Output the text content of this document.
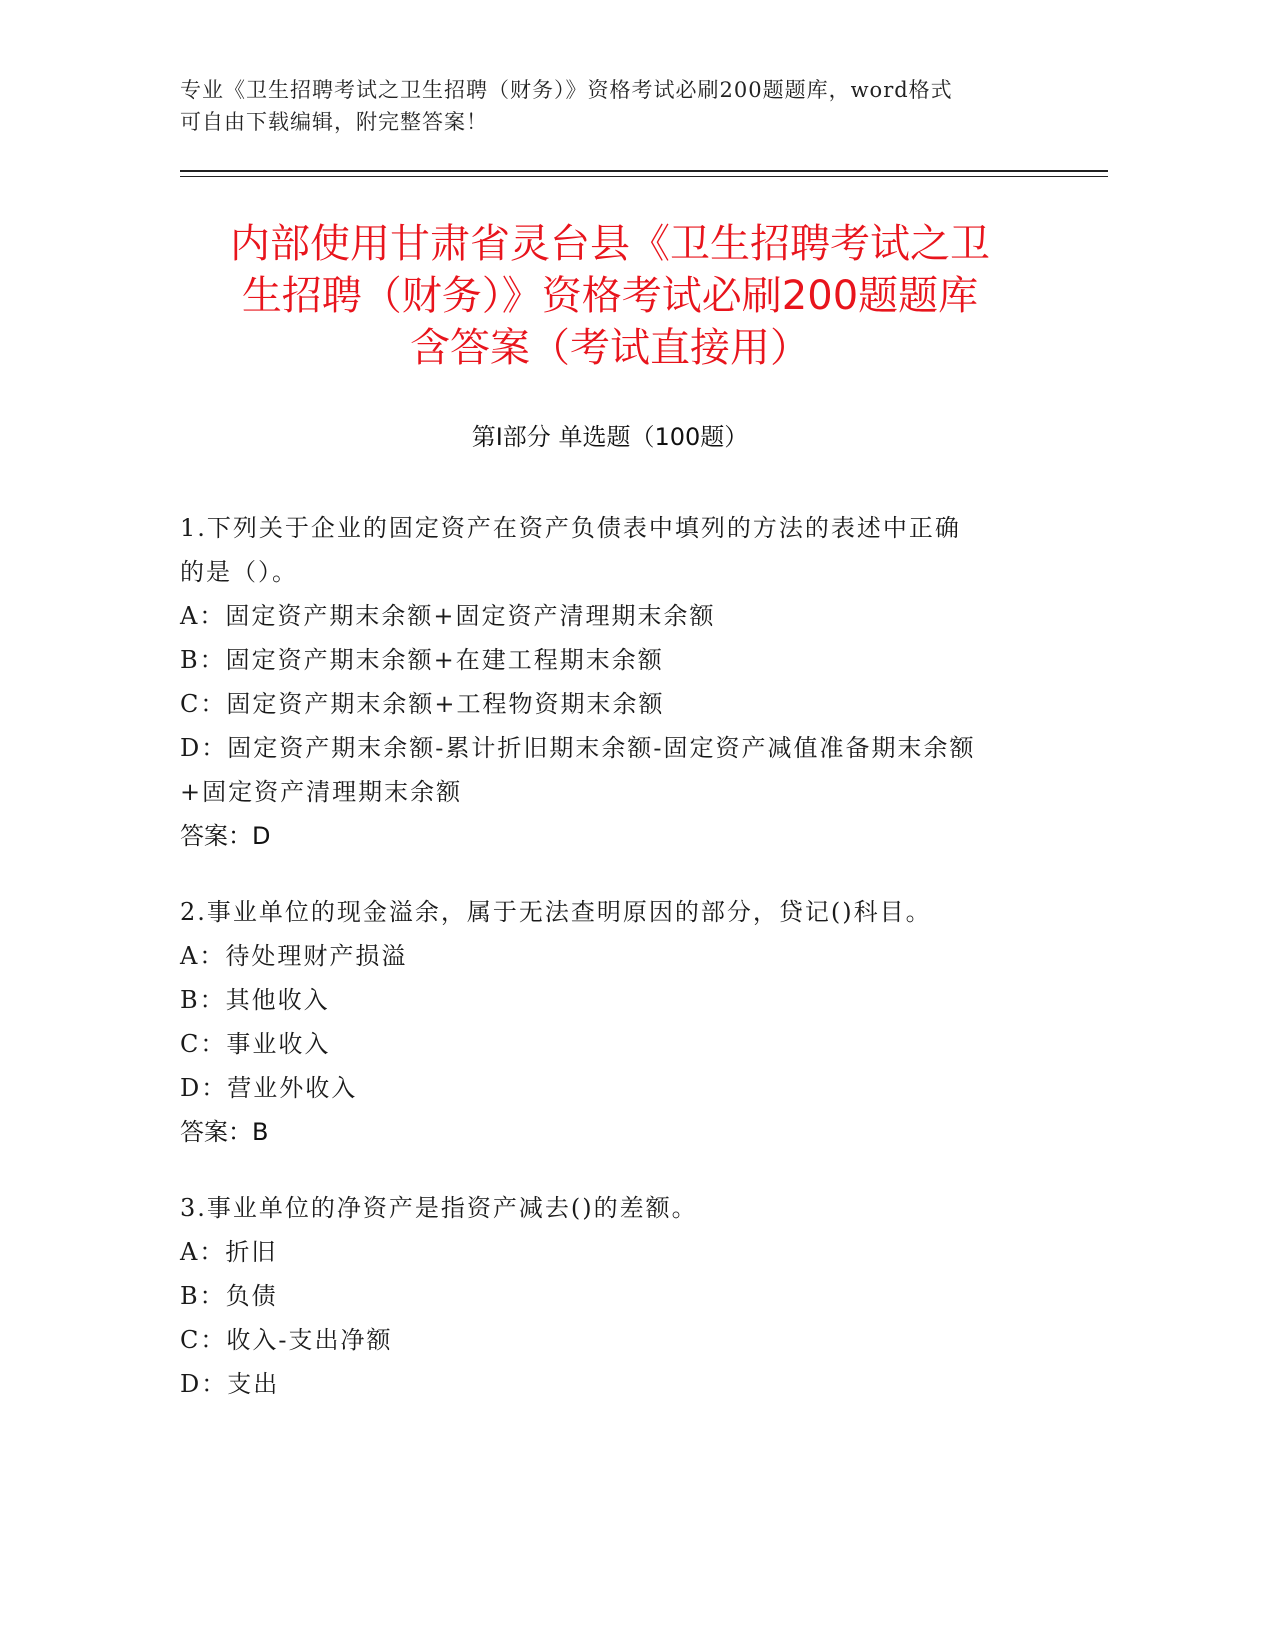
专业《卫生招聘考试之卫生招聘（财务）》资格考试必刷200题题库，word格式
可自由下载编辑，附完整答案！
内部使用甘肃省灵台县《卫生招聘考试之卫
生招聘（财务）》资格考试必刷200题题库
含答案（考试直接用）
第Ⅰ部分 单选题（100题）
1.下列关于企业的固定资产在资产负债表中填列的方法的表述中正确
的是（）。
A：固定资产期末余额+固定资产清理期末余额
B：固定资产期末余额+在建工程期末余额
C：固定资产期末余额+工程物资期末余额
D：固定资产期末余额-累计折旧期末余额-固定资产减值准备期末余额
+固定资产清理期末余额
答案：D
2.事业单位的现金溢余，属于无法查明原因的部分，贷记()科目。
A：待处理财产损溢
B：其他收入
C：事业收入
D：营业外收入
答案：B
3.事业单位的净资产是指资产减去()的差额。
A：折旧
B：负债
C：收入-支出净额
D：支出
